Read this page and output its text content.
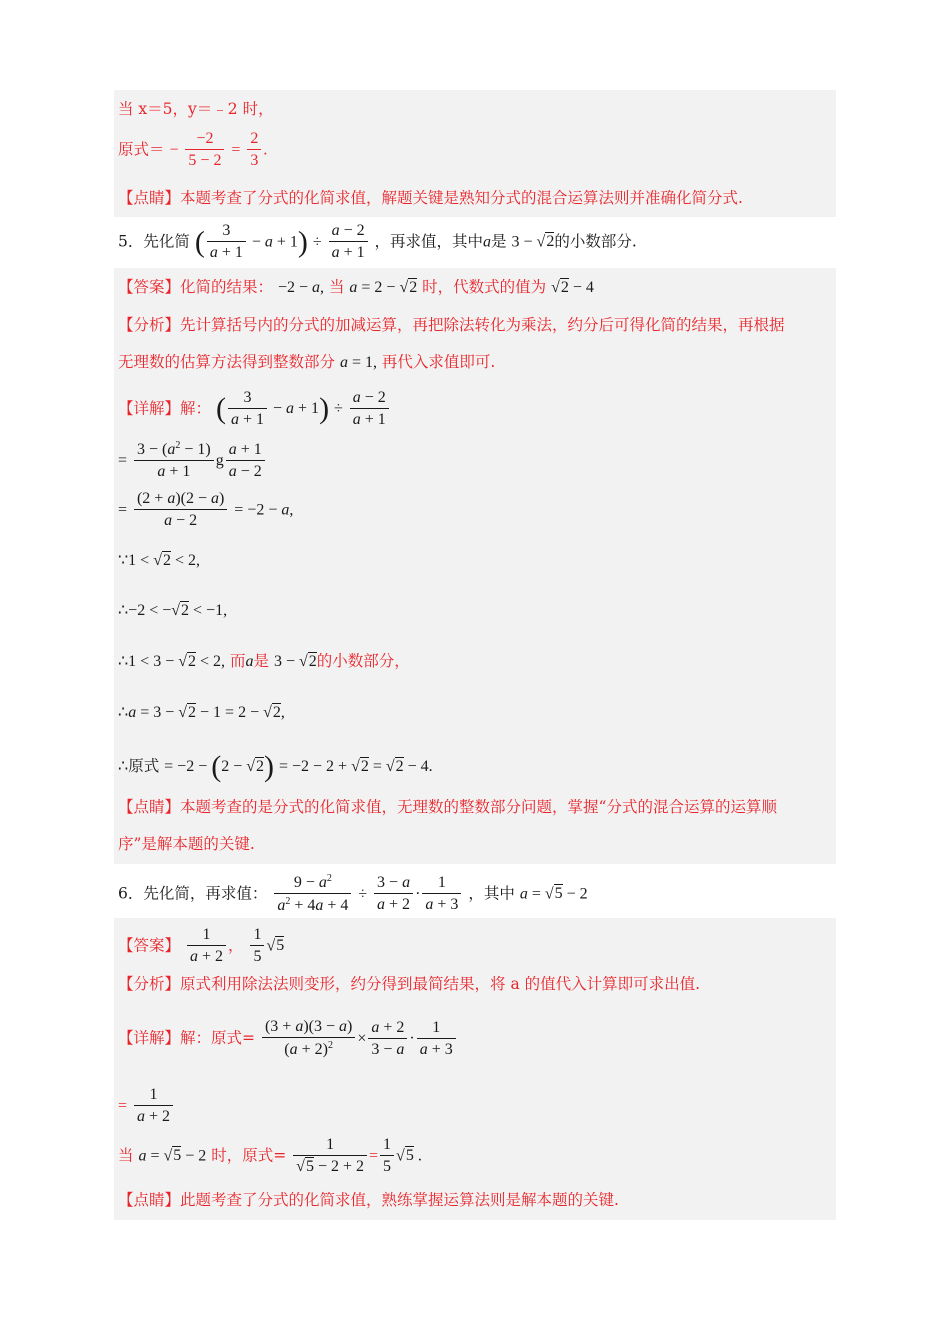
当 x＝5，y＝﹣2 时，
原式＝ − $\frac{-2}{5 - 2} = \frac{2}{3}$ .
【点睛】本题考查了分式的化简求值，解题关键是熟知分式的混合运算法则并准确化简分式.
5．先化简 ( $\frac{3}{a + 1} - a + 1) \div \frac{a - 2}{a + 1}$ ，再求值，其中a是 3 − √2的小数部分.
【答案】化简的结果： −2 − a, 当 a = 2 − √2 时，代数式的值为 √2 − 4
【分析】先计算括号内的分式的加减运算，再把除法转化为乘法，约分后可得化简的结果，再根据
无理数的估算方法得到整数部分 a = 1, 再代入求值即可.
【详解】解： ( $\frac{3}{a + 1} - a + 1) \div \frac{a - 2}{a + 1}$
= $\frac{3 - (a^2 - 1)}{a + 1}$ g $\frac{a + 1}{a - 2}$
= $\frac{(2 + a)(2 - a)}{a - 2} = -2 - a$,
∵1 < √2 < 2,
∴−2 < −√2 < −1,
∴1 < 3 − √2 < 2, 而a是 3 − √2的小数部分，
∴a = 3 − √2 − 1 = 2 − √2,
∴原式 = −2 − (2 − √2) = −2 − 2 + √2 = √2 − 4.
【点睛】本题考查的是分式的化简求值，无理数的整数部分问题，掌握“分式的混合运算的运算顺
序”是解本题的关键.
6．先化简，再求值： $\frac{9 - a^2}{a^2 + 4a + 4} \div \frac{3 - a}{a + 2} \cdot \frac{1}{a + 3}$ ，其中 a = √5 − 2
【答案】 $\frac{1}{a + 2}$ ， $\frac{1}{5} √5$
【分析】原式利用除法法则变形，约分得到最简结果，将 a 的值代入计算即可求出值.
【详解】解：原式= $\frac{(3 + a)(3 - a)}{(a + 2)^2} \times \frac{a + 2}{3 - a} \cdot \frac{1}{a + 3}$
= $\frac{1}{a + 2}$
当 a = √5 − 2 时，原式= $\frac{1}{√5 - 2 + 2} = \frac{1}{5} √5$ .
【点睛】此题考查了分式的化简求值，熟练掌握运算法则是解本题的关键.
